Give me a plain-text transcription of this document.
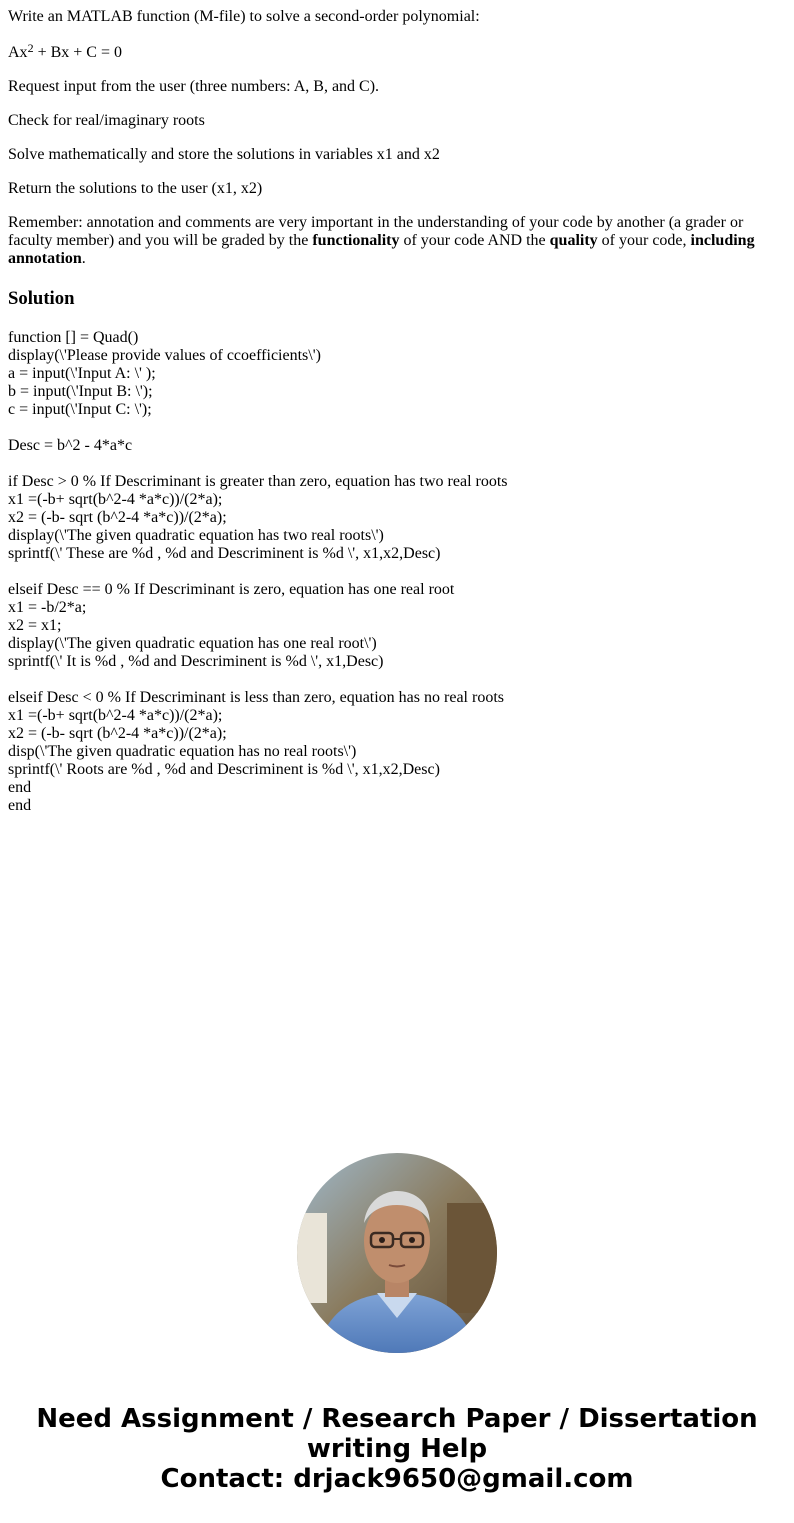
Write an MATLAB function (M-file) to solve a second-order polynomial:

$Ax^2 + Bx + C = 0$

Request input from the user (three numbers: A, B, and C).

Check for real/imaginary roots

Solve mathematically and store the solutions in variables x1 and x2

Return the solutions to the user (x1, x2)

Remember: annotation and comments are very important in the understanding of your code by another (a grader or faculty member) and you will be graded by the functionality of your code AND the quality of your code, including annotation.

Solution
function [] = Quad()
display(\'Please provide values of ccoefficients\')
a = input(\'Input A: \' );
b = input(\'Input B: \');
c = input(\'Input C: \');
Desc = b^2 - 4*a*c
if Desc > 0 % If Descriminant is greater than zero, equation has two real roots
x1 =(-b+ sqrt(b^2-4 *a*c))/(2*a);
x2 = (-b- sqrt (b^2-4 *a*c))/(2*a);
display(\'The given quadratic equation has two real roots\')
sprintf(\' These are %d , %d and Descriminent is %d \', x1,x2,Desc)
elseif Desc == 0 % If Descriminant is zero, equation has one real root
x1 = -b/2*a;
x2 = x1;
display(\'The given quadratic equation has one real root\')
sprintf(\' It is %d , %d and Descriminent is %d \', x1,Desc)
elseif Desc < 0 % If Descriminant is less than zero, equation has no real roots
x1 =(-b+ sqrt(b^2-4 *a*c))/(2*a);
x2 = (-b- sqrt (b^2-4 *a*c))/(2*a);
disp(\'The given quadratic equation has no real roots\')
sprintf(\' Roots are %d , %d and Descriminent is %d \', x1,x2,Desc)
end
end
Need Assignment / Research Paper / Dissertation
writing Help
Contact: drjack9650@gmail.com
